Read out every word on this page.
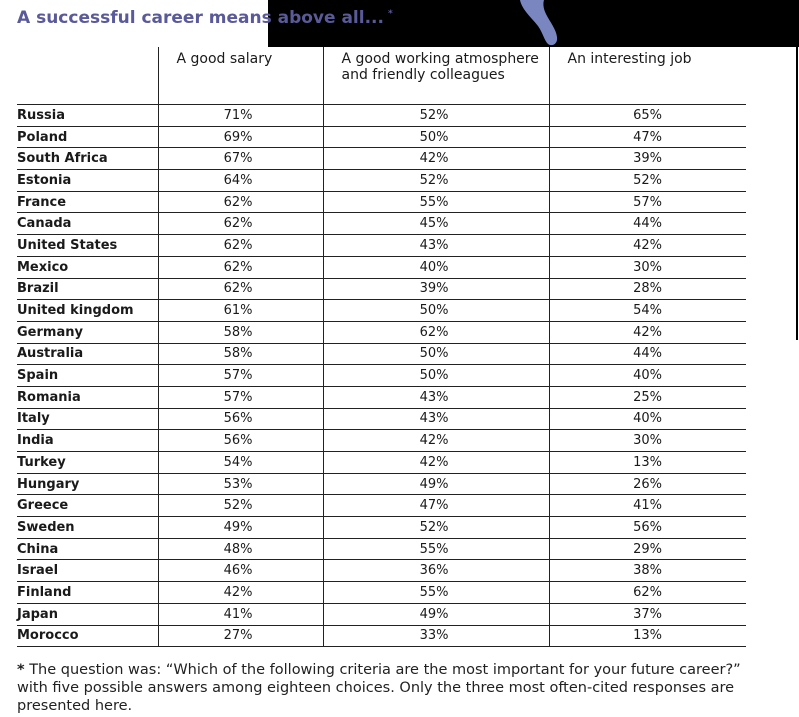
A successful career means above all... *
	A good salary	A good working atmosphere and friendly colleagues	An interesting job
Russia	71%	52%	65%
Poland	69%	50%	47%
South Africa	67%	42%	39%
Estonia	64%	52%	52%
France	62%	55%	57%
Canada	62%	45%	44%
United States	62%	43%	42%
Mexico	62%	40%	30%
Brazil	62%	39%	28%
United kingdom	61%	50%	54%
Germany	58%	62%	42%
Australia	58%	50%	44%
Spain	57%	50%	40%
Romania	57%	43%	25%
Italy	56%	43%	40%
India	56%	42%	30%
Turkey	54%	42%	13%
Hungary	53%	49%	26%
Greece	52%	47%	41%
Sweden	49%	52%	56%
China	48%	55%	29%
Israel	46%	36%	38%
Finland	42%	55%	62%
Japan	41%	49%	37%
Morocco	27%	33%	13%

* The question was: “Which of the following criteria are the most important for your future career?” with five possible answers among eighteen choices. Only the three most often-cited responses are presented here.
